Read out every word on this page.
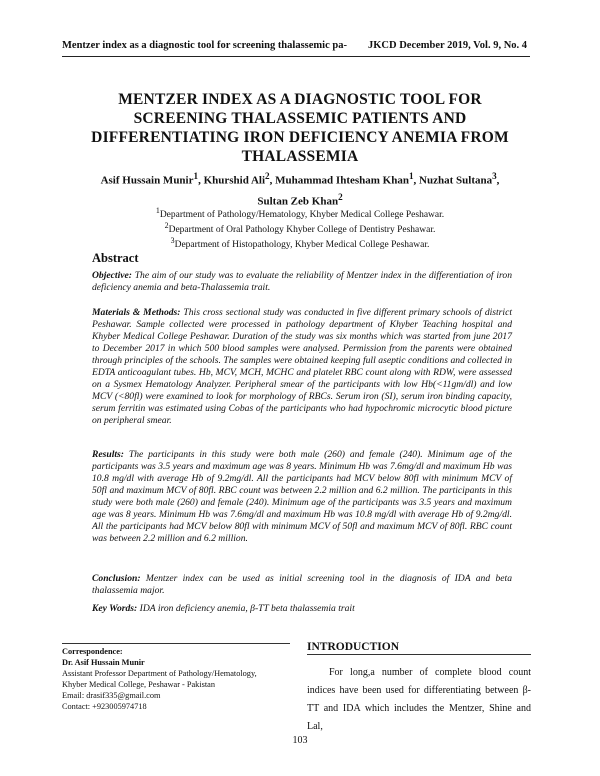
Mentzer index as a diagnostic tool for screening thalassemic pa- JKCD December 2019, Vol. 9, No. 4
MENTZER INDEX AS A DIAGNOSTIC TOOL FOR SCREENING THALASSEMIC PATIENTS AND DIFFERENTIATING IRON DEFICIENCY ANEMIA FROM THALASSEMIA
Asif Hussain Munir$^1$, Khurshid Ali$^2$, Muhammad Ihtesham Khan$^1$, Nuzhat Sultana$^3$, Sultan Zeb Khan$^2$
$^1$Department of Pathology/Hematology, Khyber Medical College Peshawar.
$^2$Department of Oral Pathology Khyber College of Dentistry Peshawar.
$^3$Department of Histopathology, Khyber Medical College Peshawar.
Abstract
Objective: The aim of our study was to evaluate the reliability of Mentzer index in the differentiation of iron deficiency anemia and beta-Thalassemia trait.
Materials & Methods: This cross sectional study was conducted in five different primary schools of district Peshawar. Sample collected were processed in pathology department of Khyber Teaching hospital and Khyber Medical College Peshawar. Duration of the study was six months which was started from june 2017 to December 2017 in which 500 blood samples were analysed. Permission from the parents were obtained through principles of the schools. The samples were obtained keeping full aseptic conditions and collected in EDTA anticoagulant tubes. Hb, MCV, MCH, MCHC and platelet RBC count along with RDW, were assessed on a Sysmex Hematology Analyzer. Peripheral smear of the participants with low Hb(<11gm/dl) and low MCV (<80fl) were examined to look for morphology of RBCs. Serum iron (SI), serum iron binding capacity, serum ferritin was estimated using Cobas of the participants who had hypochromic microcytic blood picture on peripheral smear.
Results: The participants in this study were both male (260) and female (240). Minimum age of the participants was 3.5 years and maximum age was 8 years. Minimum Hb was 7.6mg/dl and maximum Hb was 10.8 mg/dl with average Hb of 9.2mg/dl. All the participants had MCV below 80fl with minimum MCV of 50fl and maximum MCV of 80fl. RBC count was between 2.2 million and 6.2 million. The participants in this study were both male (260) and female (240). Minimum age of the participants was 3.5 years and maximum age was 8 years. Minimum Hb was 7.6mg/dl and maximum Hb was 10.8 mg/dl with average Hb of 9.2mg/dl. All the participants had MCV below 80fl with minimum MCV of 50fl and maximum MCV of 80fl. RBC count was between 2.2 million and 6.2 million.
Conclusion: Mentzer index can be used as initial screening tool in the diagnosis of IDA and beta thalassemia major.
Key Words: IDA iron deficiency anemia, β-TT beta thalassemia trait
Correspondence:
Dr. Asif Hussain Munir
Assistant Professor Department of Pathology/Hematology,
Khyber Medical College, Peshawar - Pakistan
Email: drasif335@gmail.com
Contact: +923005974718
INTRODUCTION
For long,a number of complete blood count indices have been used for differentiating between β-TT and IDA which includes the Mentzer, Shine and Lal,
103
